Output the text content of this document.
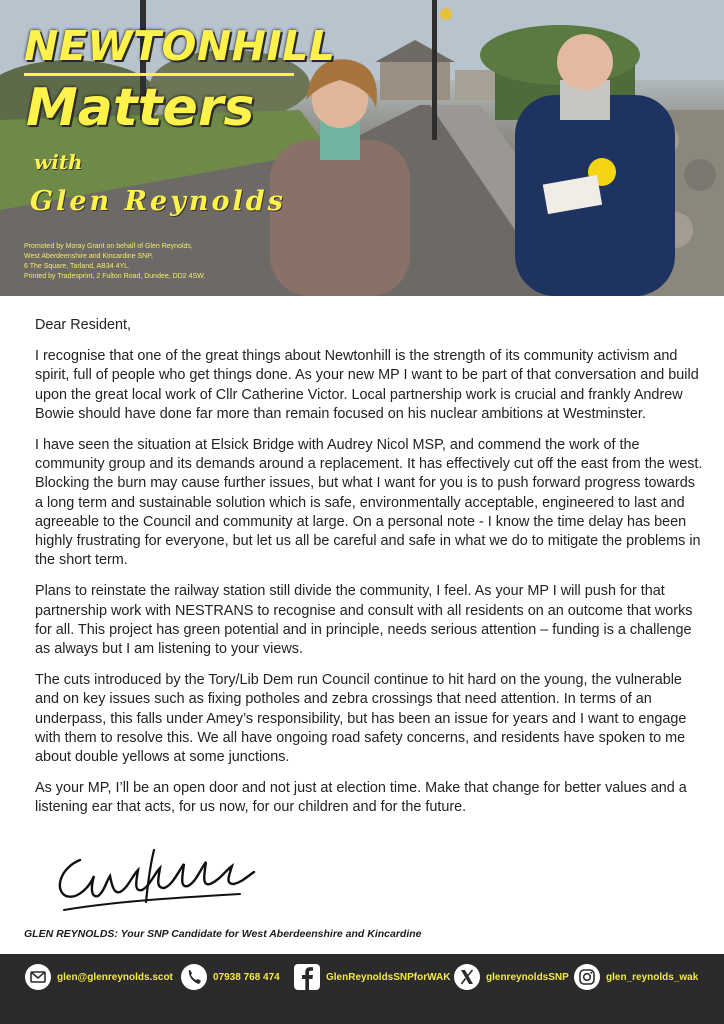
NEWTONHILL
Matters
with
Glen Reynolds
Promoted by Moray Grant on behalf of Glen Reynolds,
West Aberdeenshire and Kincardine SNP,
6 The Square, Tarland, AB34 4YL.
Printed by Tradesprint, 2 Fulton Road, Dundee, DD2 4SW.

Dear Resident,

I recognise that one of the great things about Newtonhill is the strength of its community activism and spirit, full of people who get things done. As your new MP I want to be part of that conversation and build upon the great local work of Cllr Catherine Victor. Local partnership work is crucial and frankly Andrew Bowie should have done far more than remain focused on his nuclear ambitions at Westminster.

I have seen the situation at Elsick Bridge with Audrey Nicol MSP, and commend the work of the community group and its demands around a replacement. It has effectively cut off the east from the west. Blocking the burn may cause further issues, but what I want for you is to push forward progress towards a long term and sustainable solution which is safe, environmentally acceptable, engineered to last and agreeable to the Council and community at large. On a personal note - I know the time delay has been highly frustrating for everyone, but let us all be careful and safe in what we do to mitigate the problems in the short term.

Plans to reinstate the railway station still divide the community, I feel. As your MP I will push for that partnership work with NESTRANS to recognise and consult with all residents on an outcome that works for all. This project has green potential and in principle, needs serious attention – funding is a challenge as always but I am listening to your views.

The cuts introduced by the Tory/Lib Dem run Council continue to hit hard on the young, the vulnerable and on key issues such as fixing potholes and zebra crossings that need attention. In terms of an underpass, this falls under Amey’s responsibility, but has been an issue for years and I want to engage with them to resolve this. We all have ongoing road safety concerns, and residents have spoken to me about double yellows at some junctions.

As your MP, I’ll be an open door and not just at election time. Make that change for better values and a listening ear that acts, for us now, for our children and for the future.

GLEN REYNOLDS: Your SNP Candidate for West Aberdeenshire and Kincardine
glen@glenreynolds.scot	07938 768 474	GlenReynoldsSNPforWAK	glenreynoldsSNP	glen_reynolds_wak
